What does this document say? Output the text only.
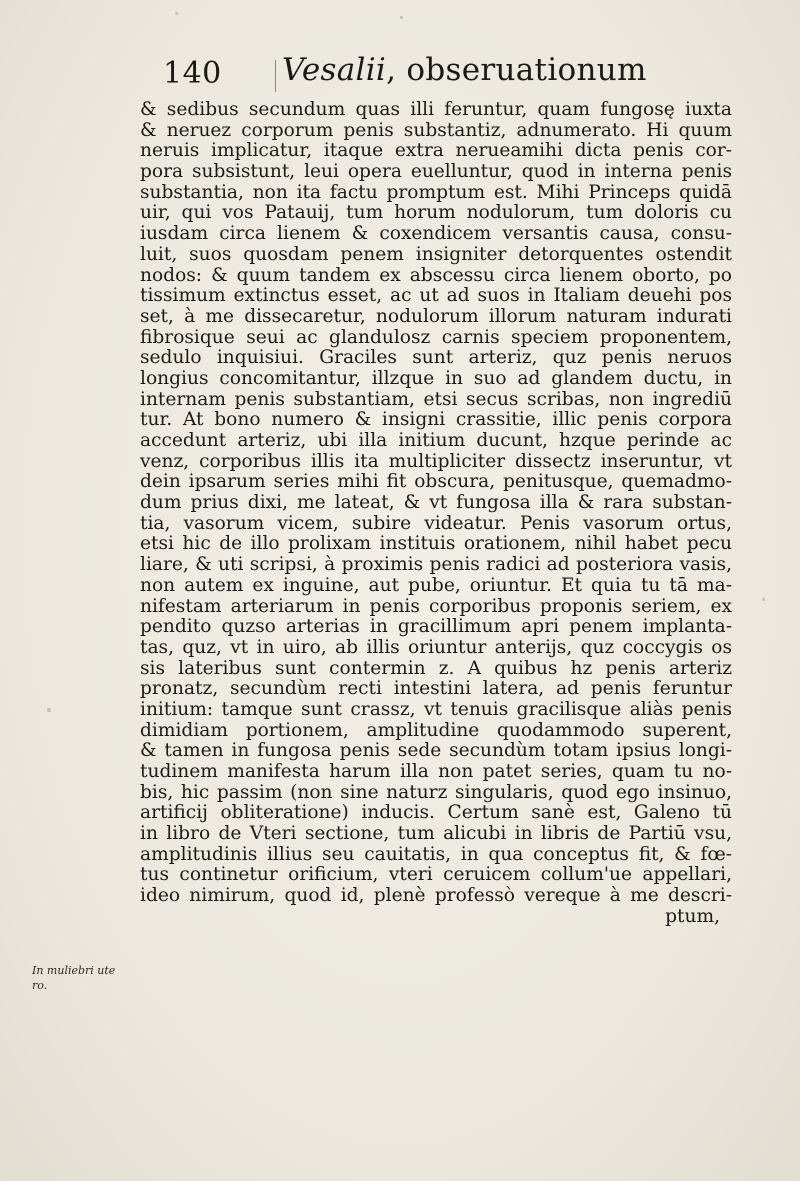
140 Vesalii, obseruationum
& sedibus secundum quas illi feruntur, quam fungosę iuxta
& neruez corporum penis substantiz, adnumerato. Hi quum
neruis implicatur, itaque extra nerueamihi dicta penis cor-
pora subsistunt, leui opera euelluntur, quod in interna penis
substantia, non ita factu promptum est. Mihi Princeps quidā
uir, qui vos Patauij, tum horum nodulorum, tum doloris cu
iusdam circa lienem & coxendicem versantis causa, consu-
luit, suos quosdam penem insigniter detorquentes ostendit
nodos: & quum tandem ex abscessu circa lienem oborto, po
tissimum extinctus esset, ac ut ad suos in Italiam deuehi pos
set, à me dissecaretur, nodulorum illorum naturam indurati
fibrosique seui ac glandulosz carnis speciem proponentem,
sedulo inquisiui. Graciles sunt arteriz, quz penis neruos
longius concomitantur, illzque in suo ad glandem ductu, in
internam penis substantiam, etsi secus scribas, non ingrediū
tur. At bono numero & insigni crassitie, illic penis corpora
accedunt arteriz, ubi illa initium ducunt, hzque perinde ac
venz, corporibus illis ita multipliciter dissectz inseruntur, vt
dein ipsarum series mihi fit obscura, penitusque, quemadmo-
dum prius dixi, me lateat, & vt fungosa illa & rara substan-
tia, vasorum vicem, subire videatur. Penis vasorum ortus,
etsi hic de illo prolixam instituis orationem, nihil habet pecu
liare, & uti scripsi, à proximis penis radici ad posteriora vasis,
non autem ex inguine, aut pube, oriuntur. Et quia tu tā ma-
nifestam arteriarum in penis corporibus proponis seriem, ex
pendito quzso arterias in gracillimum apri penem implanta-
tas, quz, vt in uiro, ab illis oriuntur anterijs, quz coccygis os
sis lateribus sunt contermin z. A quibus hz penis arteriz
pronatz, secundùm recti intestini latera, ad penis feruntur
initium: tamque sunt crassz, vt tenuis gracilisque aliàs penis
dimidiam portionem, amplitudine quodammodo superent,
& tamen in fungosa penis sede secundùm totam ipsius longi-
tudinem manifesta harum illa non patet series, quam tu no-
bis, hic passim (non sine naturz singularis, quod ego insinuo,
artificij obliteratione) inducis. Certum sanè est, Galeno tū
in libro de Vteri sectione, tum alicubi in libris de Partiū vsu,
amplitudinis illius seu cauitatis, in qua conceptus fit, & fœ-
tus continetur orificium, vteri ceruicem collum'ue appellari,
ideo nimirum, quod id, plenè professò vereque à me descri-
ptum,
In muliebri ute
ro.
